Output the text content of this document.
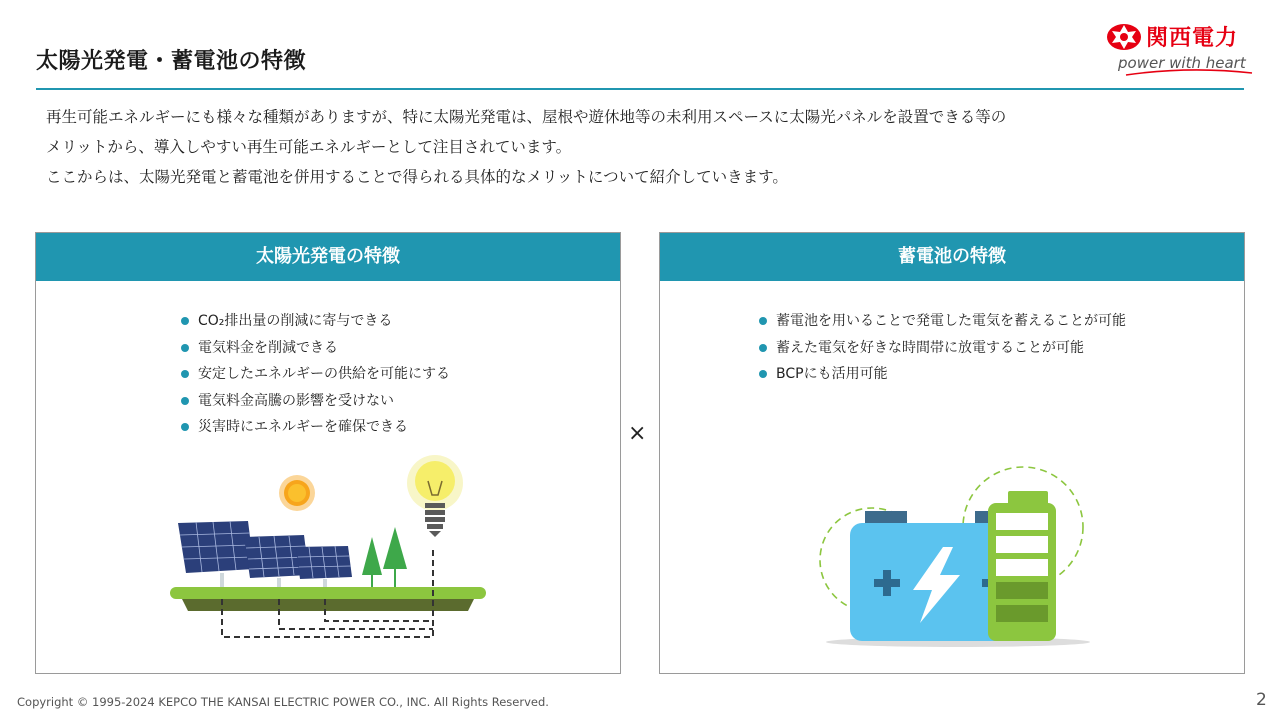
太陽光発電・蓄電池の特徴
関西電力
power with heart

再生可能エネルギーにも様々な種類がありますが、特に太陽光発電は、屋根や遊休地等の未利用スペースに太陽光パネルを設置できる等の

メリットから、導入しやすい再生可能エネルギーとして注目されています。

ここからは、太陽光発電と蓄電池を併用することで得られる具体的なメリットについて紹介していきます。

太陽光発電の特徴
CO₂排出量の削減に寄与できる
電気料金を削減できる
安定したエネルギーの供給を可能にする
電気料金高騰の影響を受けない
災害時にエネルギーを確保できる	×
蓄電池の特徴
蓄電池を用いることで発電した電気を蓄えることが可能
蓄えた電気を好きな時間帯に放電することが可能
BCPにも活用可能
Copyright © 1995-2024 KEPCO THE KANSAI ELECTRIC POWER CO., INC. All Rights Reserved.	2
